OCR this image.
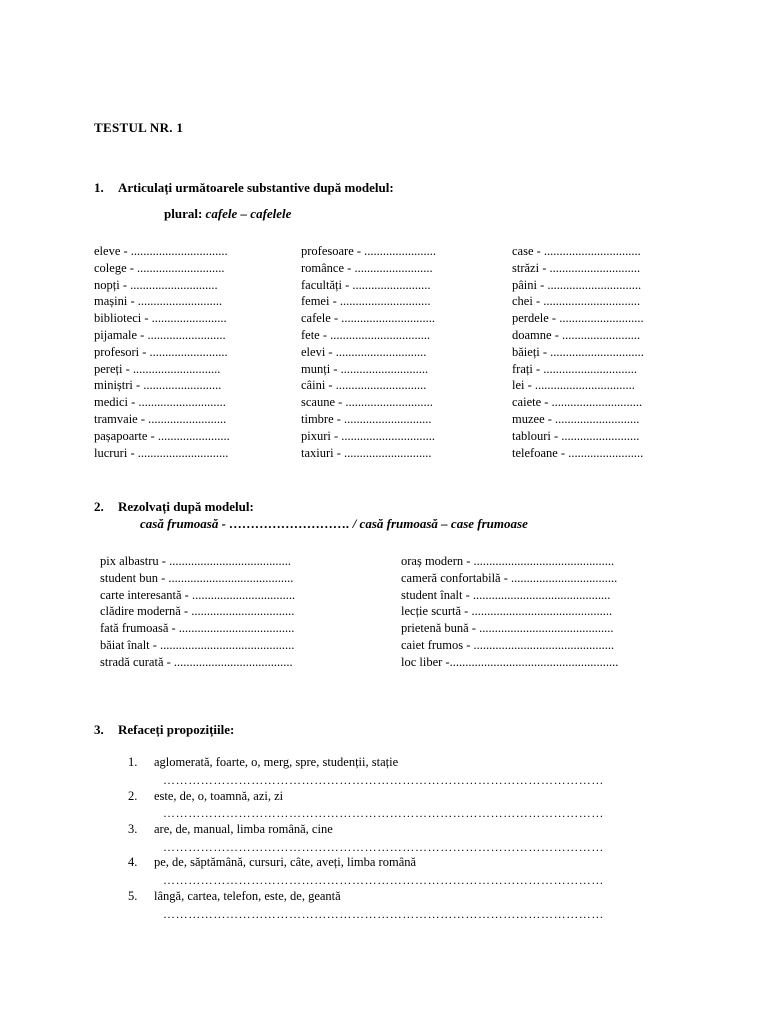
TESTUL NR. 1
1. Articulați următoarele substantive după modelul:
plural: cafele – cafelele
eleve - ...............................
colege - ............................
nopți - ............................
mașini - ...........................
biblioteci - ........................
pijamale - .........................
profesori - .........................
pereți - ............................
miniștri - .........................
medici - ............................
tramvaie - .........................
pașapoarte - .......................
lucruri - .............................
profesoare - .......................
românce - .........................
facultăți - .........................
femei - .............................
cafele - ..............................
fete - ................................
elevi - .............................
munți - ............................
câini - .............................
scaune - ............................
timbre - ............................
pixuri - ..............................
taxiuri - ............................
case - ...............................
străzi - .............................
pâini - ..............................
chei - ...............................
perdele - ...........................
doamne - .........................
băieți - ..............................
frați - ..............................
lei - ................................
caiete - .............................
muzee - ...........................
tablouri - .........................
telefoane - ........................
2. Rezolvați după modelul:
casă frumoasă - ………………………. / casă frumoasă – case frumoase
pix albastru - .......................................
student bun - ........................................
carte interesantă - .................................
clădire modernă - .................................
fată frumoasă - .....................................
băiat înalt - ...........................................
stradă curată - ......................................
oraș modern - .............................................
cameră confortabilă - ..................................
student înalt - ............................................
lecție scurtă - .............................................
prietenă bună - ...........................................
caiet frumos - .............................................
loc liber -......................................................
3. Refaceți propozițiile:
1. aglomerată, foarte, o, merg, spre, studenții, stație
……………………………………………………………………………………………
2. este, de, o, toamnă, azi, zi
……………………………………………………………………………………………
3. are, de, manual, limba română, cine
……………………………………………………………………………………………
4. pe, de, săptămână, cursuri, câte, aveți, limba română
……………………………………………………………………………………………
5. lângă, cartea, telefon, este, de, geantă
……………………………………………………………………………………………
